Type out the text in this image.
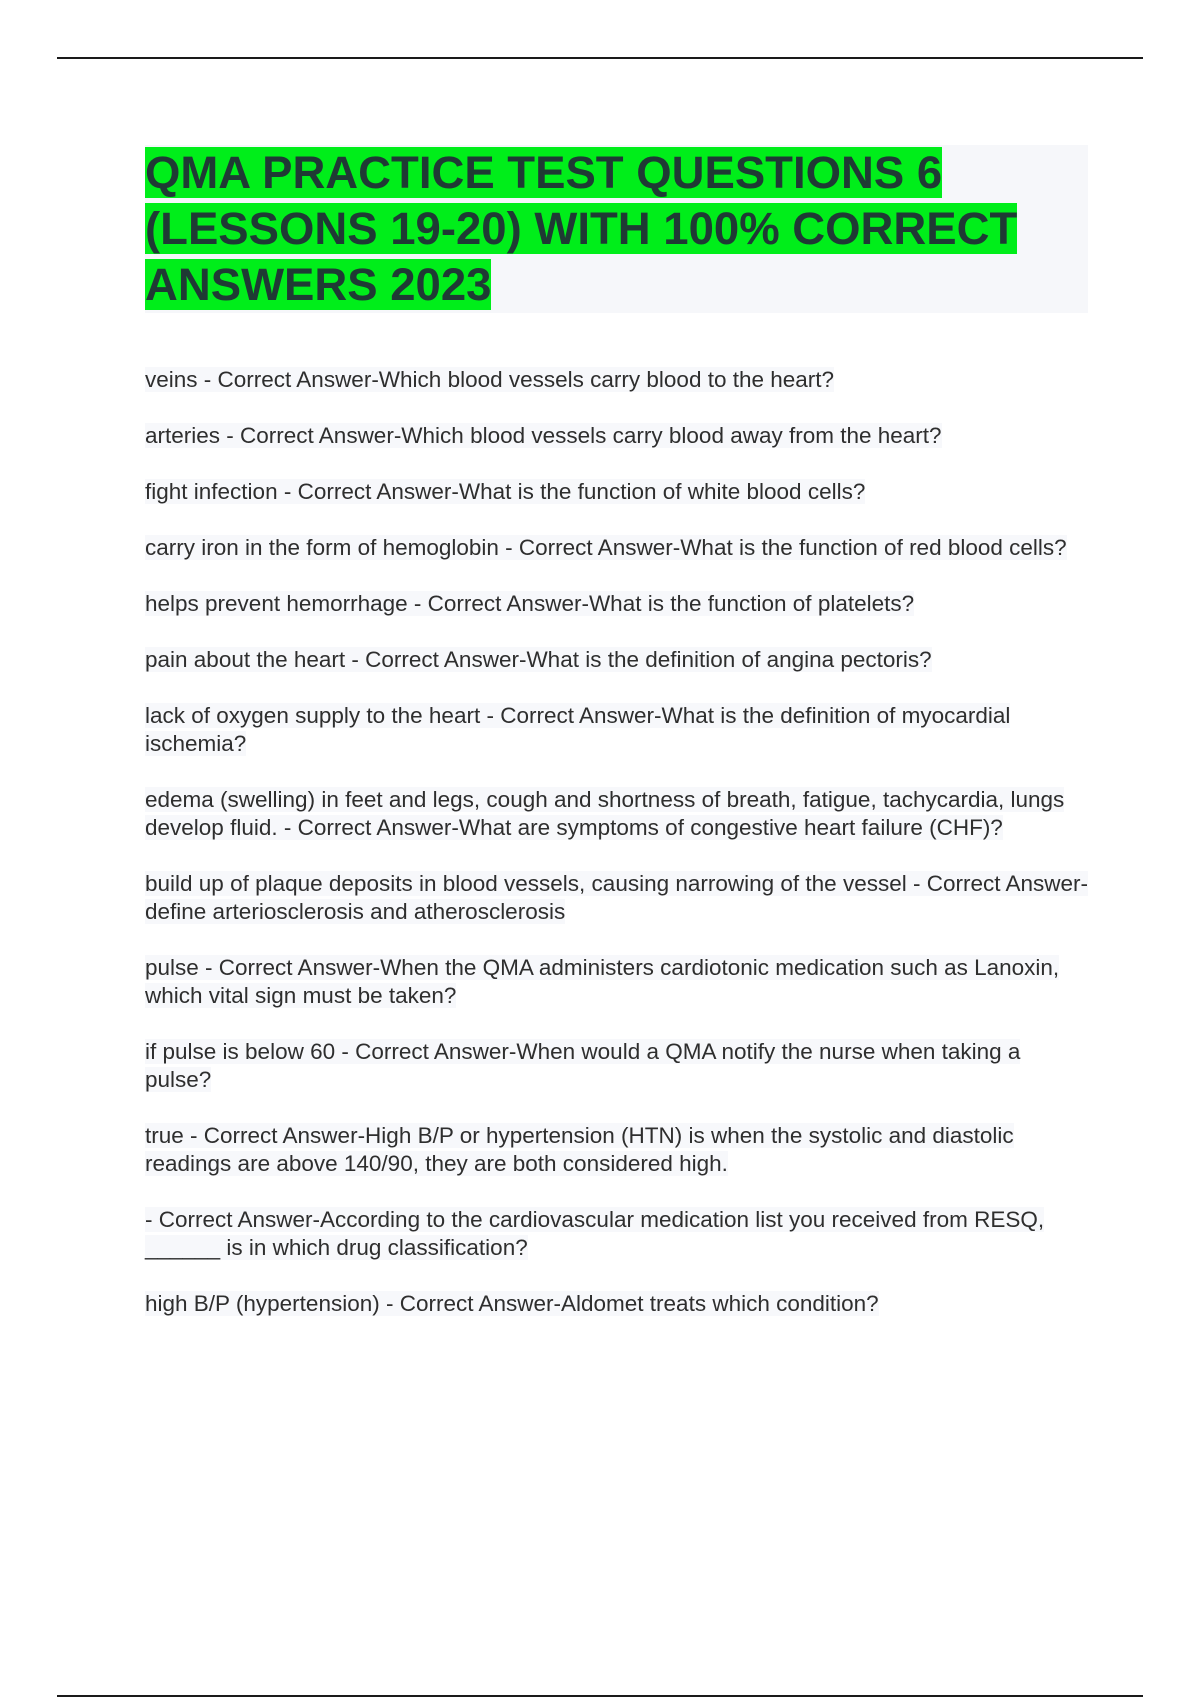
QMA PRACTICE TEST QUESTIONS 6
(LESSONS 19-20) WITH 100% CORRECT
ANSWERS 2023
veins - Correct Answer-Which blood vessels carry blood to the heart?
arteries - Correct Answer-Which blood vessels carry blood away from the heart?
fight infection - Correct Answer-What is the function of white blood cells?
carry iron in the form of hemoglobin - Correct Answer-What is the function of red blood cells?
helps prevent hemorrhage - Correct Answer-What is the function of platelets?
pain about the heart - Correct Answer-What is the definition of angina pectoris?
lack of oxygen supply to the heart - Correct Answer-What is the definition of myocardial ischemia?
edema (swelling) in feet and legs, cough and shortness of breath, fatigue, tachycardia, lungs develop fluid. - Correct Answer-What are symptoms of congestive heart failure (CHF)?
build up of plaque deposits in blood vessels, causing narrowing of the vessel - Correct Answer-define arteriosclerosis and atherosclerosis
pulse - Correct Answer-When the QMA administers cardiotonic medication such as Lanoxin, which vital sign must be taken?
if pulse is below 60 - Correct Answer-When would a QMA notify the nurse when taking a pulse?
true - Correct Answer-High B/P or hypertension (HTN) is when the systolic and diastolic readings are above 140/90, they are both considered high.
- Correct Answer-According to the cardiovascular medication list you received from RESQ, ______ is in which drug classification?
high B/P (hypertension) - Correct Answer-Aldomet treats which condition?
